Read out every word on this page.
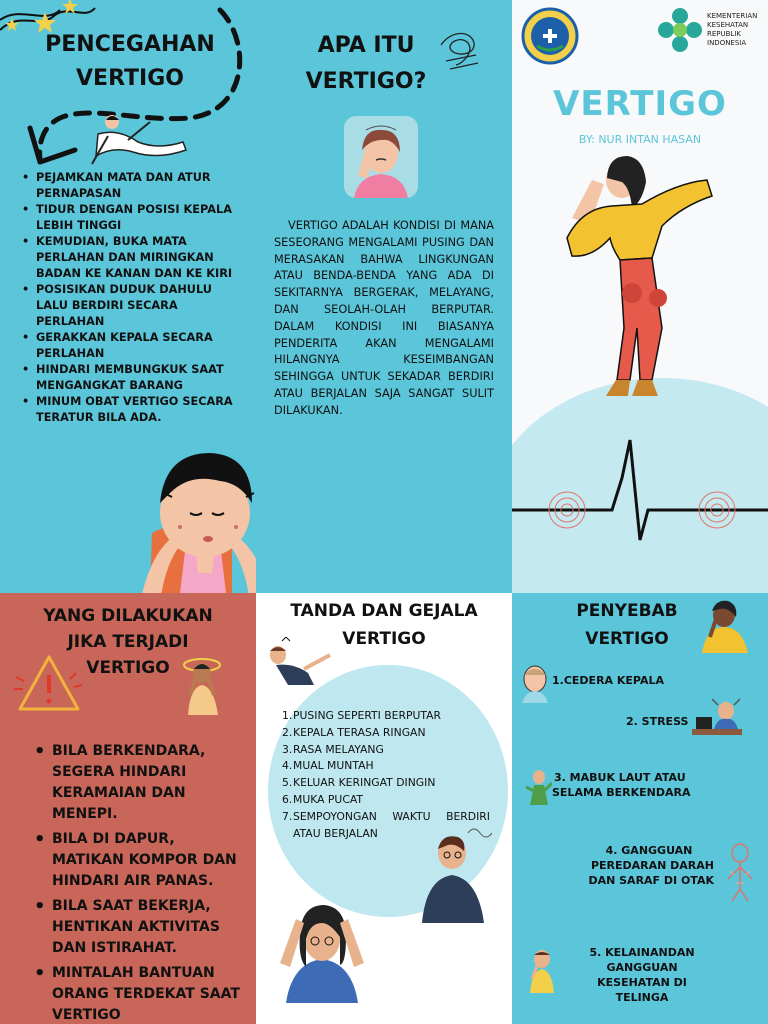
PENCEGAHAN
VERTIGO
• PEJAMKAN MATA DAN ATUR PERNAPASAN
• TIDUR DENGAN POSISI KEPALA LEBIH TINGGI
• KEMUDIAN, BUKA MATA PERLAHAN DAN MIRINGKAN BADAN KE KANAN DAN KE KIRI
• POSISIKAN DUDUK DAHULU LALU BERDIRI SECARA PERLAHAN
• GERAKKAN KEPALA SECARA PERLAHAN
• HINDARI MEMBUNGKUK SAAT MENGANGKAT BARANG
• MINUM OBAT VERTIGO SECARA TERATUR BILA ADA.
APA ITU
VERTIGO?
VERTIGO ADALAH KONDISI DI MANA SESEORANG MENGALAMI PUSING DAN MERASAKAN BAHWA LINGKUNGAN ATAU BENDA-BENDA YANG ADA DI SEKITARNYA BERGERAK, MELAYANG, DAN SEOLAH-OLAH BERPUTAR. DALAM KONDISI INI BIASANYA PENDERITA AKAN MENGALAMI HILANGNYA KESEIMBANGAN SEHINGGA UNTUK SEKADAR BERDIRI ATAU BERJALAN SAJA SANGAT SULIT DILAKUKAN.
KEMENTERIAN
KESEHATAN
REPUBLIK
INDONESIA
VERTIGO
BY: NUR INTAN HASAN
YANG DILAKUKAN
JIKA TERJADI
VERTIGO
• BILA BERKENDARA, SEGERA HINDARI KERAMAIAN DAN MENEPI.
• BILA DI DAPUR, MATIKAN KOMPOR DAN HINDARI AIR PANAS.
• BILA SAAT BEKERJA, HENTIKAN AKTIVITAS DAN ISTIRAHAT.
• MINTALAH BANTUAN ORANG TERDEKAT SAAT VERTIGO
TANDA DAN GEJALA
VERTIGO
1. PUSING SEPERTI BERPUTAR
2. KEPALA TERASA RINGAN
3. RASA MELAYANG
4. MUAL MUNTAH
5. KELUAR KERINGAT DINGIN
6. MUKA PUCAT
7. SEMPOYONGAN WAKTU BERDIRI ATAU BERJALAN
PENYEBAB
VERTIGO
1.CEDERA KEPALA
2. STRESS
3. MABUK LAUT ATAU
SELAMA BERKENDARA
4. GANGGUAN
PEREDARAN DARAH
DAN SARAF DI OTAK
5. KELAINANDAN
GANGGUAN
KESEHATAN DI TELINGA
